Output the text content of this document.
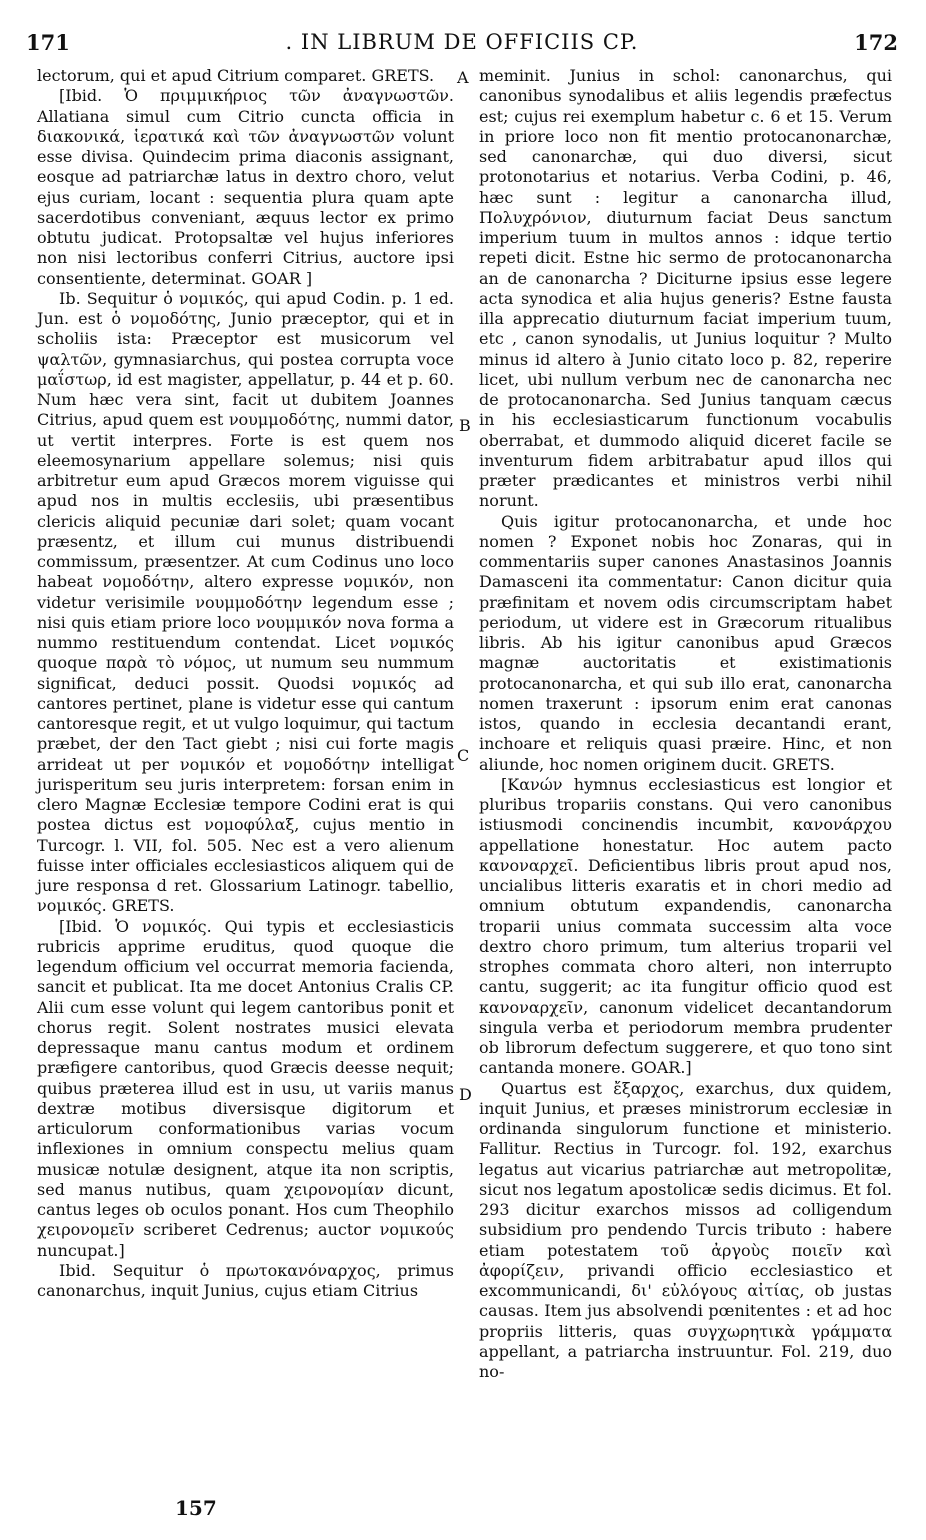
171	. IN LIBRUM DE OFFICIIS CP.	172

lectorum, qui et apud Citrium comparet. GRETS.

[Ibid. Ὁ πριμμικήριος τῶν ἀναγνωστῶν. Allatiana simul cum Citrio cuncta officia in διακονικά, ἱερατικά καὶ τῶν ἀναγνωστῶν volunt esse divisa. Quindecim prima diaconis assignant, eosque ad patriarchæ latus in dextro choro, velut ejus curiam, locant : sequentia plura quam apte sacerdotibus conveniant, æquus lector ex primo obtutu judicat. Protopsaltæ vel hujus inferiores non nisi lectoribus conferri Citrius, auctore ipsi consentiente, determinat. GOAR ]

Ib. Sequitur ὁ νομικός, qui apud Codin. p. 1 ed. Jun. est ὁ νομοδότης, Junio præceptor, qui et in scholiis ista: Præceptor est musicorum vel ψαλτῶν, gymnasiarchus, qui postea corrupta voce μαΐστωρ, id est magister, appellatur, p. 44 et p. 60. Num hæc vera sint, facit ut dubitem Joannes Citrius, apud quem est νουμμοδότης, nummi dator, ut vertit interpres. Forte is est quem nos eleemosynarium appellare solemus; nisi quis arbitretur eum apud Græcos morem viguisse qui apud nos in multis ecclesiis, ubi præsentibus clericis aliquid pecuniæ dari solet; quam vocant præsentz, et illum cui munus distribuendi commissum, præsentzer. At cum Codinus uno loco habeat νομοδότην, altero expresse νομικόν, non videtur verisimile νουμμοδότην legendum esse ; nisi quis etiam priore loco νουμμικόν nova forma a nummo restituendum contendat. Licet νομικός quoque παρὰ τὸ νόμος, ut numum seu nummum significat, deduci possit. Quodsi νομικός ad cantores pertinet, plane is videtur esse qui cantum cantoresque regit, et ut vulgo loquimur, qui tactum præbet, der den Tact giebt ; nisi cui forte magis arrideat ut per νομικόν et νομοδότην intelligat jurisperitum seu juris interpretem: forsan enim in clero Magnæ Ecclesiæ tempore Codini erat is qui postea dictus est νομοφύλαξ, cujus mentio in Turcogr. l. VII, fol. 505. Nec est a vero alienum fuisse inter officiales ecclesiasticos aliquem qui de jure responsa d ret. Glossarium Latinogr. tabellio, νομικός. GRETS.

[Ibid. Ὁ νομικός. Qui typis et ecclesiasticis rubricis apprime eruditus, quod quoque die legendum officium vel occurrat memoria facienda, sancit et publicat. Ita me docet Antonius Cralis CP. Alii cum esse volunt qui legem cantoribus ponit et chorus regit. Solent nostrates musici elevata depressaque manu cantus modum et ordinem præfigere cantoribus, quod Græcis deesse nequit; quibus præterea illud est in usu, ut variis manus dextræ motibus diversisque digitorum et articulorum conformationibus varias vocum inflexiones in omnium conspectu melius quam musicæ notulæ designent, atque ita non scriptis, sed manus nutibus, quam χειρονομίαν dicunt, cantus leges ob oculos ponant. Hos cum Theophilo χειρονομεῖν scriberet Cedrenus; auctor νομικούς nuncupat.]

Ibid. Sequitur ὁ πρωτοκανόναρχος, primus canonarchus, inquit Junius, cujus etiam Citrius

A
B
C
D

meminit. Junius in schol: canonarchus, qui canonibus synodalibus et aliis legendis præfectus est; cujus rei exemplum habetur c. 6 et 15. Verum in priore loco non fit mentio protocanonarchæ, sed canonarchæ, qui duo diversi, sicut protonotarius et notarius. Verba Codini, p. 46, hæc sunt : legitur a canonarcha illud, Πολυχρόνιον, diuturnum faciat Deus sanctum imperium tuum in multos annos : idque tertio repeti dicit. Estne hic sermo de protocanonarcha an de canonarcha ? Diciturne ipsius esse legere acta synodica et alia hujus generis? Estne fausta illa apprecatio diuturnum faciat imperium tuum, etc , canon synodalis, ut Junius loquitur ? Multo minus id altero à Junio citato loco p. 82, reperire licet, ubi nullum verbum nec de canonarcha nec de protocanonarcha. Sed Junius tanquam cæcus in his ecclesiasticarum functionum vocabulis oberrabat, et dummodo aliquid diceret facile se inventurum fidem arbitrabatur apud illos qui præter prædicantes et ministros verbi nihil norunt.

Quis igitur protocanonarcha, et unde hoc nomen ? Exponet nobis hoc Zonaras, qui in commentariis super canones Anastasinos Joannis Damasceni ita commentatur: Canon dicitur quia præfinitam et novem odis circumscriptam habet periodum, ut videre est in Græcorum ritualibus libris. Ab his igitur canonibus apud Græcos magnæ auctoritatis et existimationis protocanonarcha, et qui sub illo erat, canonarcha nomen traxerunt : ipsorum enim erat canonas istos, quando in ecclesia decantandi erant, inchoare et reliquis quasi præire. Hinc, et non aliunde, hoc nomen originem ducit. GRETS.

[Κανών hymnus ecclesiasticus est longior et pluribus tropariis constans. Qui vero canonibus istiusmodi concinendis incumbit, κανονάρχου appellatione honestatur. Hoc autem pacto κανοναρχεῖ. Deficientibus libris prout apud nos, uncialibus litteris exaratis et in chori medio ad omnium obtutum expandendis, canonarcha troparii unius commata successim alta voce dextro choro primum, tum alterius troparii vel strophes commata choro alteri, non interrupto cantu, suggerit; ac ita fungitur officio quod est κανοναρχεῖν, canonum videlicet decantandorum singula verba et periodorum membra prudenter ob librorum defectum suggerere, et quo tono sint cantanda monere. GOAR.]

Quartus est ἔξαρχος, exarchus, dux quidem, inquit Junius, et præses ministrorum ecclesiæ in ordinanda singulorum functione et ministerio. Fallitur. Rectius in Turcogr. fol. 192, exarchus legatus aut vicarius patriarchæ aut metropolitæ, sicut nos legatum apostolicæ sedis dicimus. Et fol. 293 dicitur exarchos missos ad colligendum subsidium pro pendendo Turcis tributo : habere etiam potestatem τοῦ ἀργοὺς ποιεῖν καὶ ἀφορίζειν, privandi officio ecclesiastico et excommunicandi, δι' εὐλόγους αἰτίας, ob justas causas. Item jus absolvendi pœnitentes : et ad hoc propriis litteris, quas συγχωρητικὰ γράμματα appellant, a patriarcha instruuntur. Fol. 219, duo no-

157
